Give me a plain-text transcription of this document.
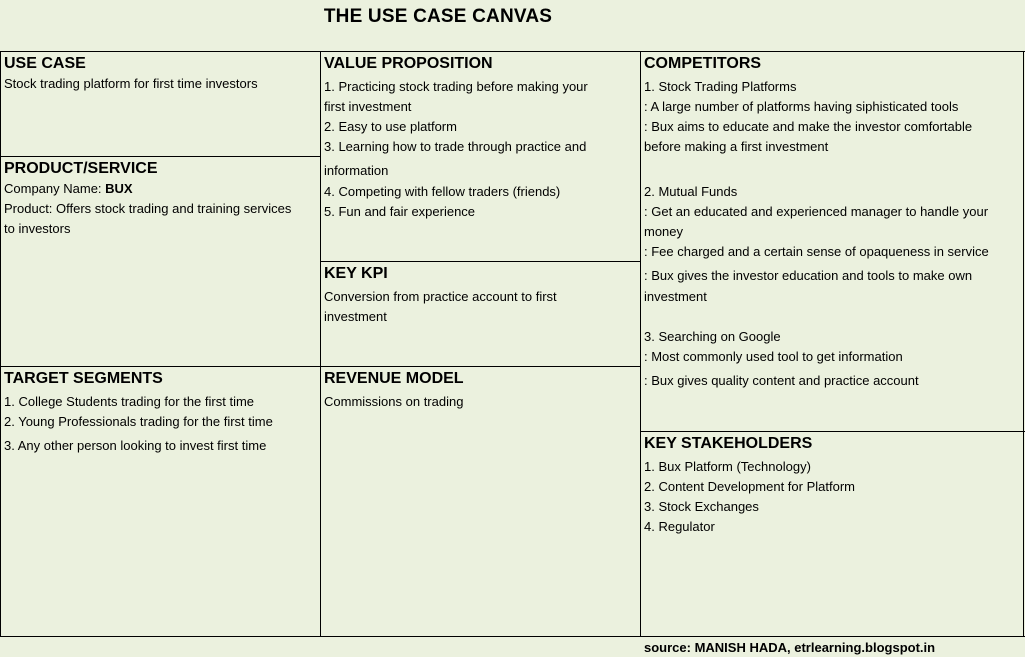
THE USE CASE CANVAS
USE CASE
Stock trading platform for first time investors
PRODUCT/SERVICE
Company Name: BUX
Product: Offers stock trading and training services
to investors
TARGET SEGMENTS
1. College Students trading for the first time
2. Young Professionals trading for the first time
3. Any other person looking to invest first time
VALUE PROPOSITION
1. Practicing stock trading before making your
first investment
2. Easy to use platform
3. Learning how to trade through practice and
information
4. Competing with fellow traders (friends)
5. Fun and fair experience
KEY KPI
Conversion from practice account to first
investment
REVENUE MODEL
Commissions on trading
COMPETITORS
1. Stock Trading Platforms
: A large number of platforms having siphisticated tools
: Bux aims to educate and make the investor comfortable
before making a first investment
2. Mutual Funds
: Get an educated and experienced manager to handle your
money
: Fee charged and a certain sense of opaqueness in service
: Bux gives the investor education and tools to make own
investment
3. Searching on Google
: Most commonly used tool to get information
: Bux gives quality content and practice account
KEY STAKEHOLDERS
1. Bux Platform (Technology)
2. Content Development for Platform
3. Stock Exchanges
4. Regulator
source: MANISH HADA, etrlearning.blogspot.in
